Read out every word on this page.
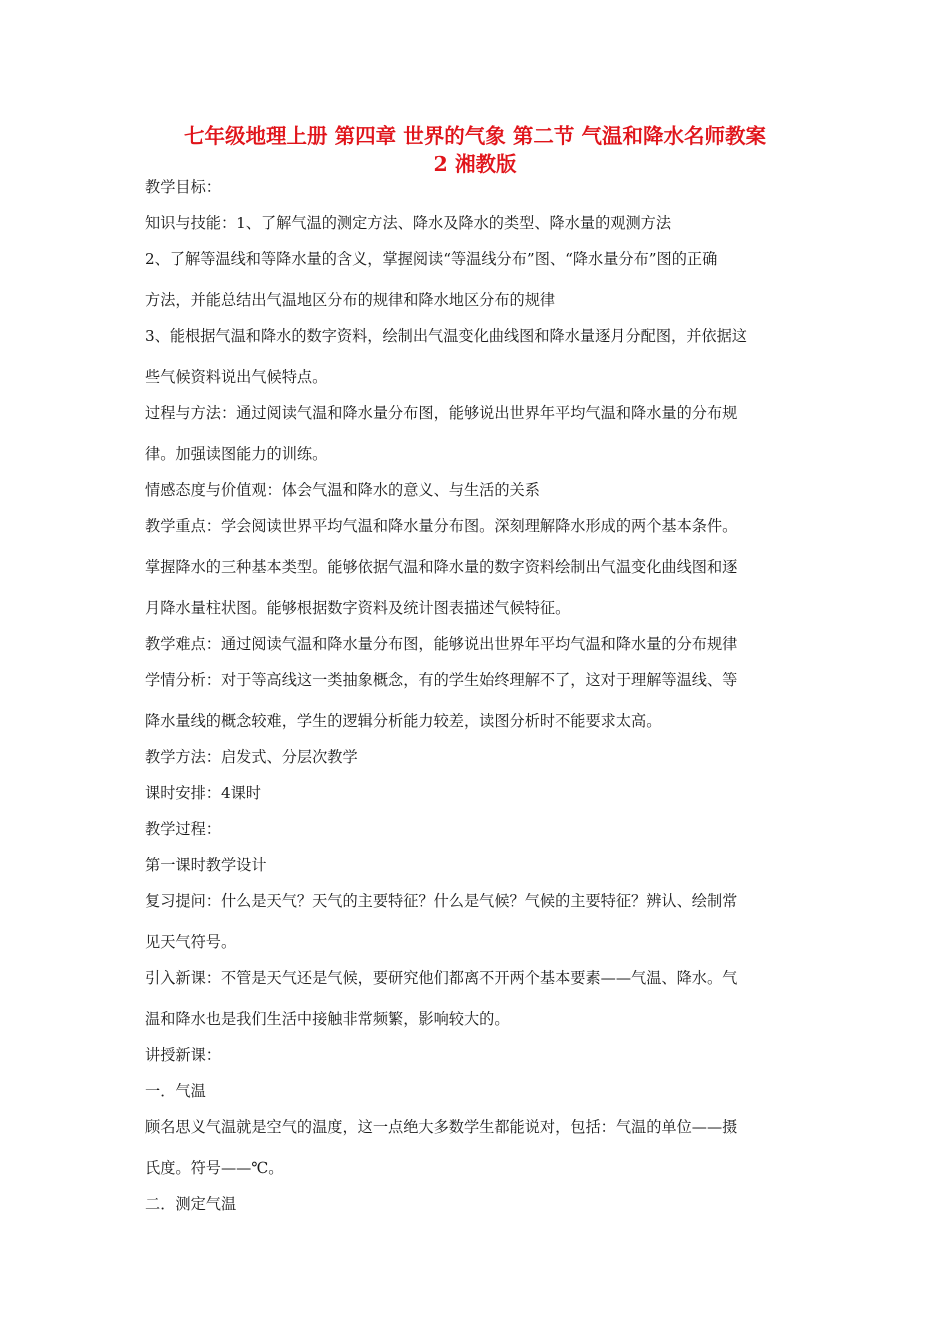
七年级地理上册 第四章 世界的气象 第二节 气温和降水名师教案
2 湘教版

教学目标：

知识与技能：1、了解气温的测定方法、降水及降水的类型、降水量的观测方法

2、了解等温线和等降水量的含义，掌握阅读“等温线分布”图、“降水量分布”图的正确

方法，并能总结出气温地区分布的规律和降水地区分布的规律

3、能根据气温和降水的数字资料，绘制出气温变化曲线图和降水量逐月分配图，并依据这

些气候资料说出气候特点。

过程与方法：通过阅读气温和降水量分布图，能够说出世界年平均气温和降水量的分布规

律。加强读图能力的训练。

情感态度与价值观：体会气温和降水的意义、与生活的关系

教学重点：学会阅读世界平均气温和降水量分布图。深刻理解降水形成的两个基本条件。

掌握降水的三种基本类型。能够依据气温和降水量的数字资料绘制出气温变化曲线图和逐

月降水量柱状图。能够根据数字资料及统计图表描述气候特征。

教学难点：通过阅读气温和降水量分布图，能够说出世界年平均气温和降水量的分布规律

学情分析：对于等高线这一类抽象概念，有的学生始终理解不了，这对于理解等温线、等

降水量线的概念较难，学生的逻辑分析能力较差，读图分析时不能要求太高。

教学方法：启发式、分层次教学

课时安排：4课时

教学过程：

第一课时教学设计

复习提问：什么是天气？天气的主要特征？什么是气候？气候的主要特征？辨认、绘制常

见天气符号。

引入新课：不管是天气还是气候，要研究他们都离不开两个基本要素——气温、降水。气

温和降水也是我们生活中接触非常频繁，影响较大的。

讲授新课：

一．气温

顾名思义气温就是空气的温度，这一点绝大多数学生都能说对，包括：气温的单位——摄

氏度。符号——℃。

二．测定气温
